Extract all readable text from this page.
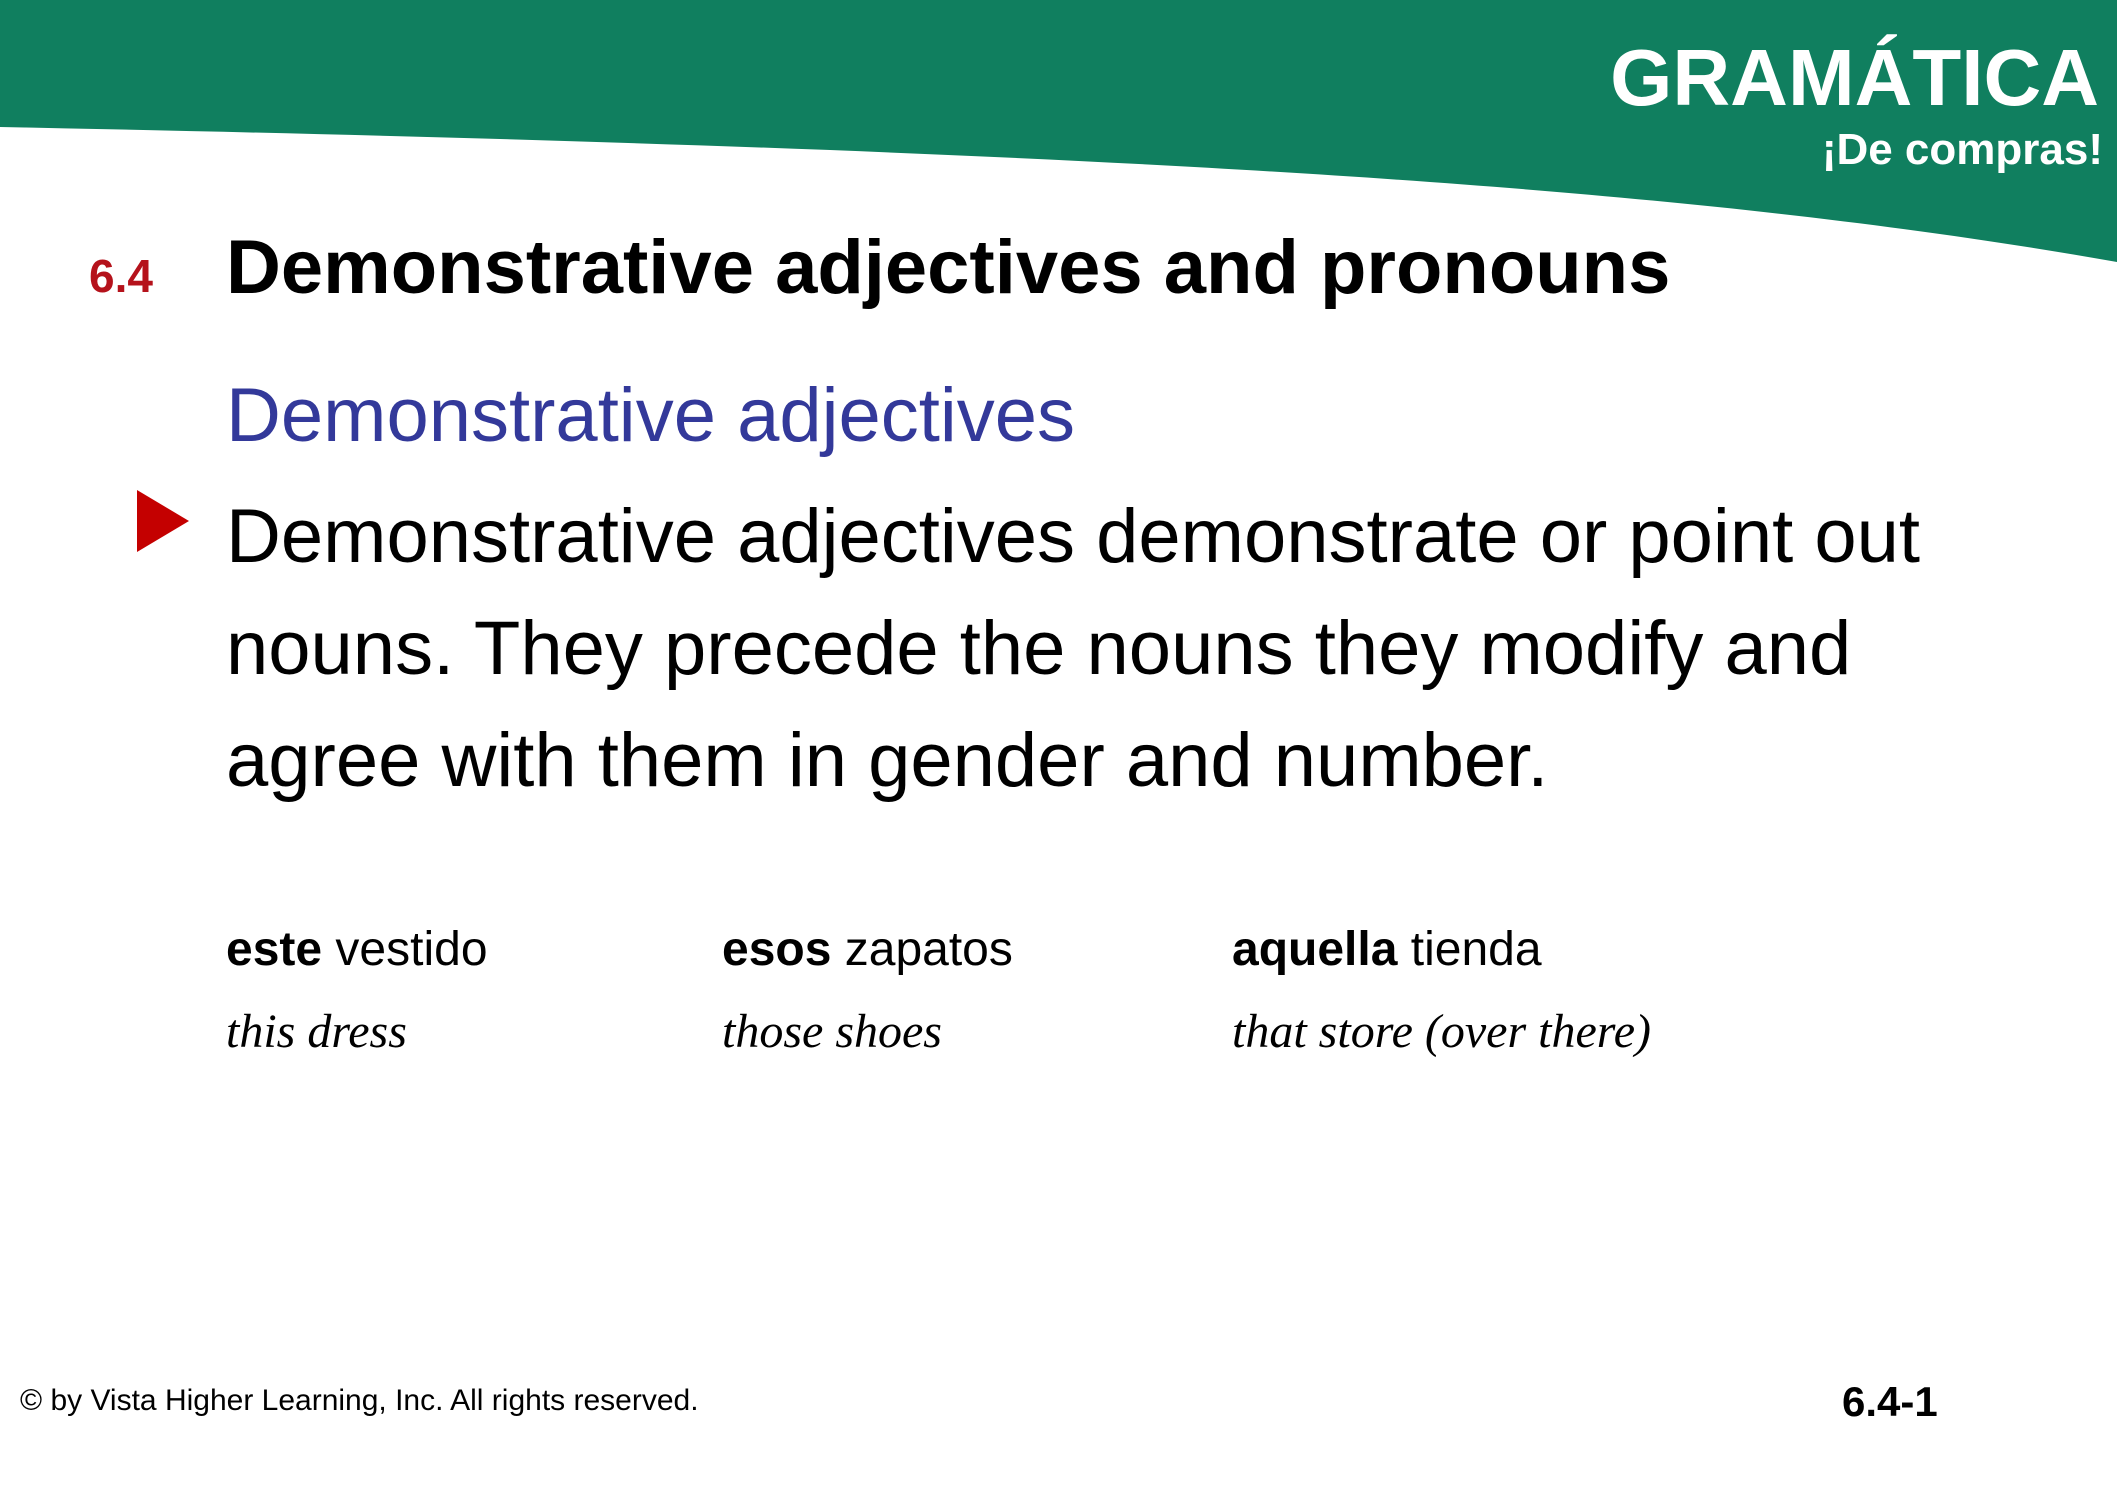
GRAMÁTICA
¡De compras!
6.4 Demonstrative adjectives and pronouns
Demonstrative adjectives
Demonstrative adjectives demonstrate or point out nouns. They precede the nouns they modify and agree with them in gender and number.
este vestido
this dress
esos zapatos
those shoes
aquella tienda
that store (over there)
© by Vista Higher Learning, Inc. All rights reserved.	6.4-1
